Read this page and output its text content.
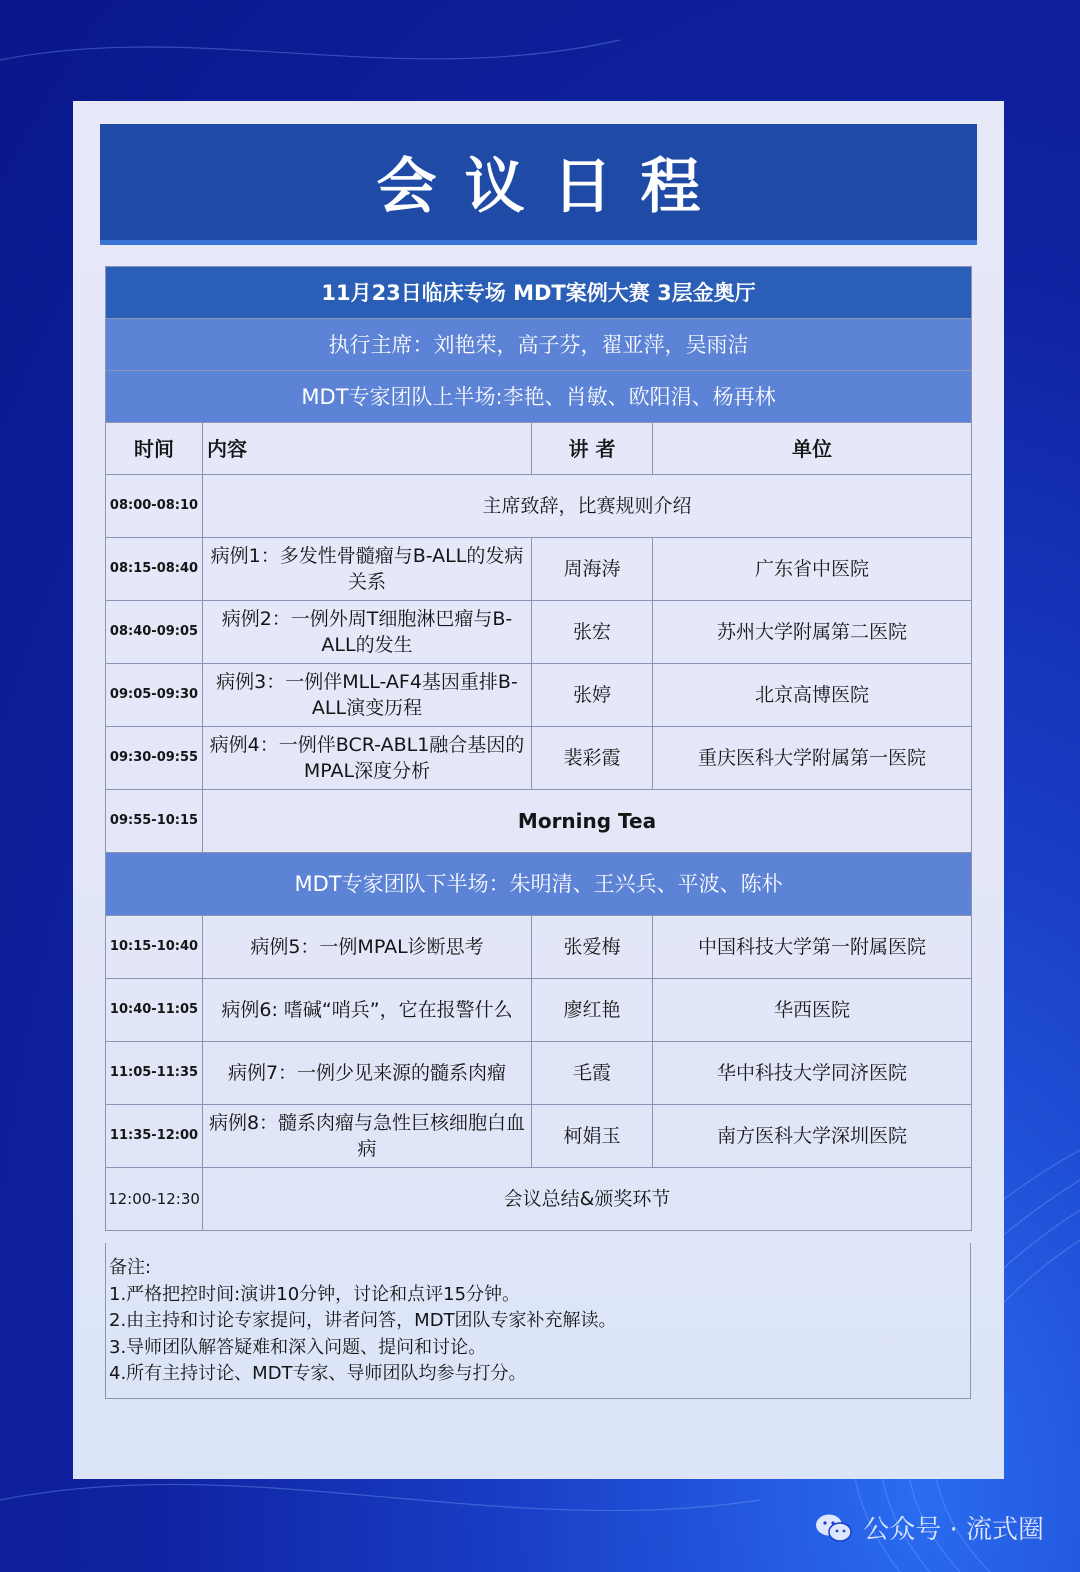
会议日程
11月23日临床专场 MDT案例大赛 3层金奥厅			
执行主席：刘艳荣，高子芬，翟亚萍，吴雨洁			
MDT专家团队上半场:李艳、肖敏、欧阳涓、杨再林			
时间	内容	讲 者	单位
08:00-08:10	主席致辞，比赛规则介绍		
08:15-08:40	病例1：多发性骨髓瘤与B-ALL的发病关系	周海涛	广东省中医院
08:40-09:05	病例2：一例外周T细胞淋巴瘤与B-ALL的发生	张宏	苏州大学附属第二医院
09:05-09:30	病例3：一例伴MLL-AF4基因重排B-ALL演变历程	张婷	北京高博医院
09:30-09:55	病例4：一例伴BCR-ABL1融合基因的MPAL深度分析	裴彩霞	重庆医科大学附属第一医院
09:55-10:15	Morning Tea		
MDT专家团队下半场：朱明清、王兴兵、平波、陈朴			
10:15-10:40	病例5：一例MPAL诊断思考	张爱梅	中国科技大学第一附属医院
10:40-11:05	病例6: 嗜碱“哨兵”，它在报警什么	廖红艳	华西医院
11:05-11:35	病例7：一例少见来源的髓系肉瘤	毛霞	华中科技大学同济医院
11:35-12:00	病例8：髓系肉瘤与急性巨核细胞白血病	柯娟玉	南方医科大学深圳医院
12:00-12:30	会议总结&颁奖环节		
备注:
1.严格把控时间:演讲10分钟，讨论和点评15分钟。
2.由主持和讨论专家提问，讲者问答，MDT团队专家补充解读。
3.导师团队解答疑难和深入问题、提问和讨论。
4.所有主持讨论、MDT专家、导师团队均参与打分。
公众号 · 流式圈
